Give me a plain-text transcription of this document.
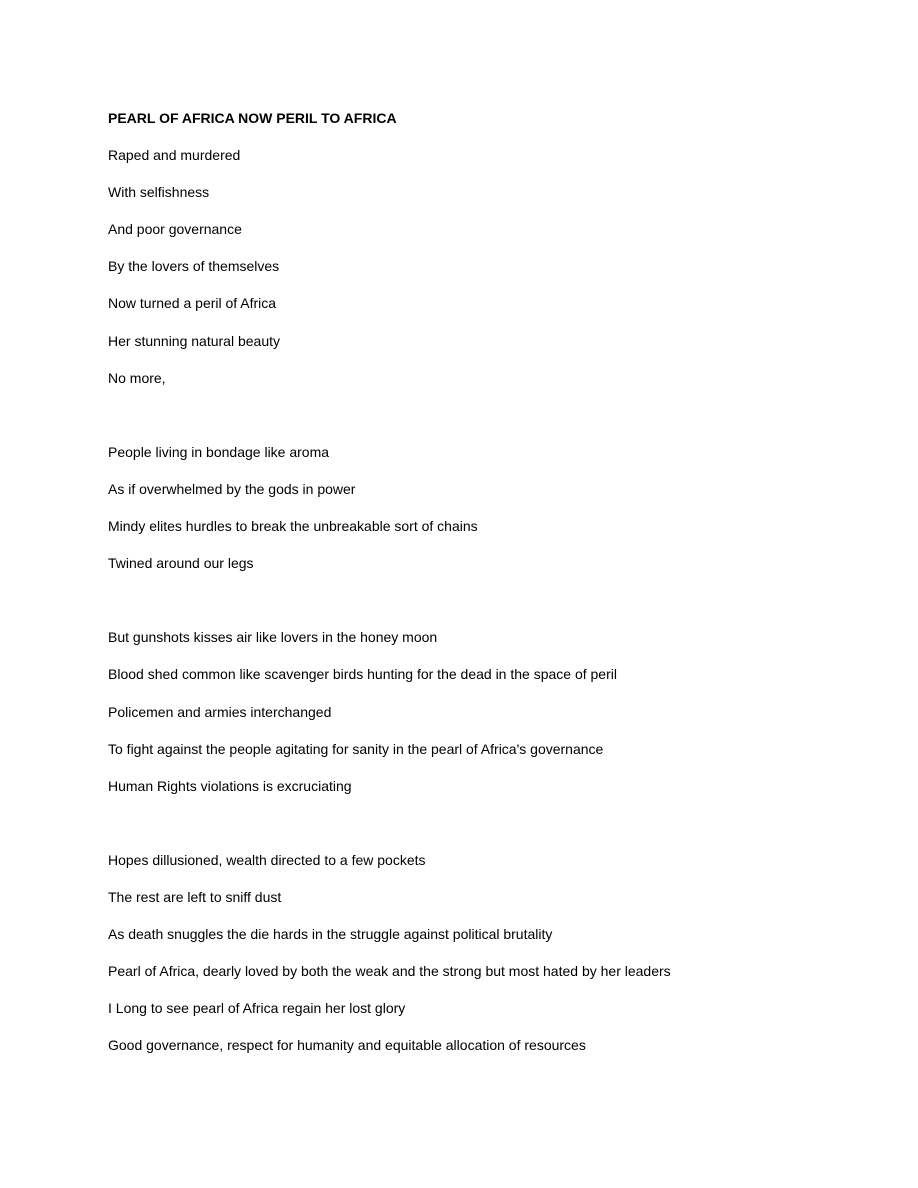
PEARL OF AFRICA NOW PERIL TO AFRICA
Raped and murdered
With selfishness
And poor governance
By the lovers of themselves
Now turned a peril of Africa
Her stunning natural beauty
No more,
People living in bondage like aroma
As if overwhelmed by the gods in power
Mindy elites hurdles to break the unbreakable sort of chains
Twined around our legs
But gunshots kisses air like lovers in the honey moon
Blood shed common like scavenger birds hunting for the dead in the space of peril
Policemen and armies interchanged
To fight against the people agitating for sanity in the pearl of Africa's governance
Human Rights violations is excruciating
Hopes dillusioned, wealth directed to a few pockets
The rest are left to sniff dust
As death snuggles the die hards in the struggle against political brutality
Pearl of Africa, dearly loved by both the weak and the strong but most hated by her leaders
I Long to see pearl of Africa regain her lost glory
Good governance, respect for humanity and equitable allocation of resources
